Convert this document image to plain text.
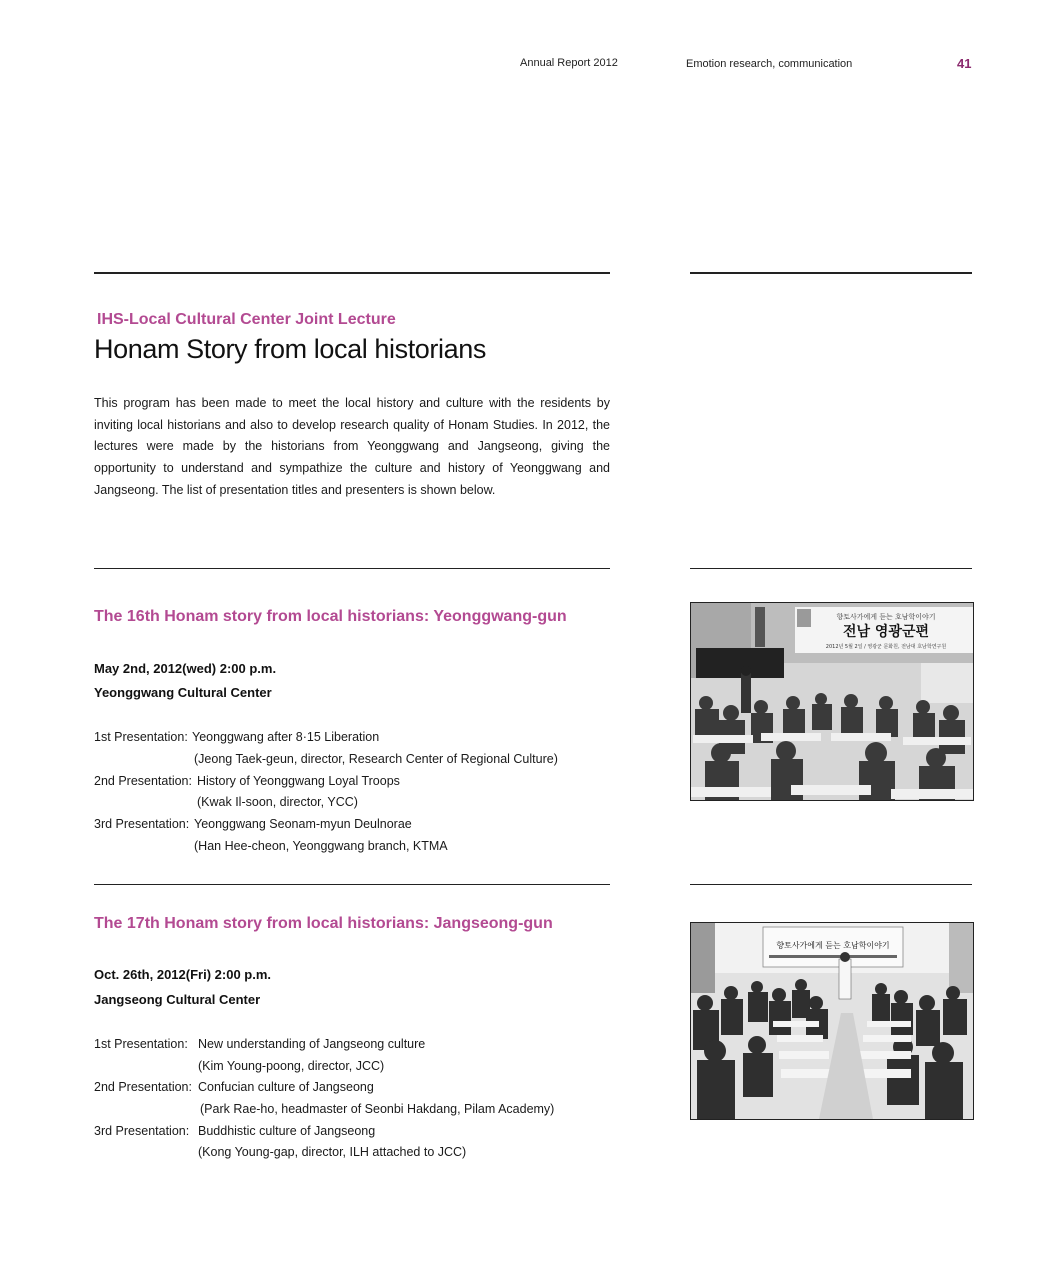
Annual Report 2012	Emotion research, communication	41
IHS-Local Cultural Center Joint Lecture
Honam Story from local historians
This program has been made to meet the local history and culture with the residents by inviting local historians and also to develop research quality of Honam Studies. In 2012, the lectures were made by the historians from Yeonggwang and Jangseong, giving the opportunity to understand and sympathize the culture and history of Yeonggwang and Jangseong. The list of presentation titles and presenters is shown below.
The 16th Honam story from local historians: Yeonggwang-gun
May 2nd, 2012(wed) 2:00 p.m.
Yeonggwang Cultural Center
1st Presentation: Yeonggwang after 8·15 Liberation
(Jeong Taek-geun, director, Research Center of Regional Culture)
2nd Presentation: History of Yeonggwang Loyal Troops
(Kwak Il-soon, director, YCC)
3rd Presentation: Yeonggwang Seonam-myun Deulnorae
(Han Hee-cheon, Yeonggwang branch, KTMA
향토사가에게 듣는 호남학이야기
전남 영광군편
2012년 5월 2일 / 영광군 문화원, 전남대 호남학연구원
The 17th Honam story from local historians: Jangseong-gun
Oct. 26th, 2012(Fri) 2:00 p.m.
Jangseong Cultural Center
1st Presentation: New understanding of Jangseong culture
(Kim Young-poong, director, JCC)
2nd Presentation: Confucian culture of Jangseong
(Park Rae-ho, headmaster of Seonbi Hakdang, Pilam Academy)
3rd Presentation: Buddhistic culture of Jangseong
(Kong Young-gap, director, ILH attached to JCC)
향토사가에게 듣는 호남학이야기
